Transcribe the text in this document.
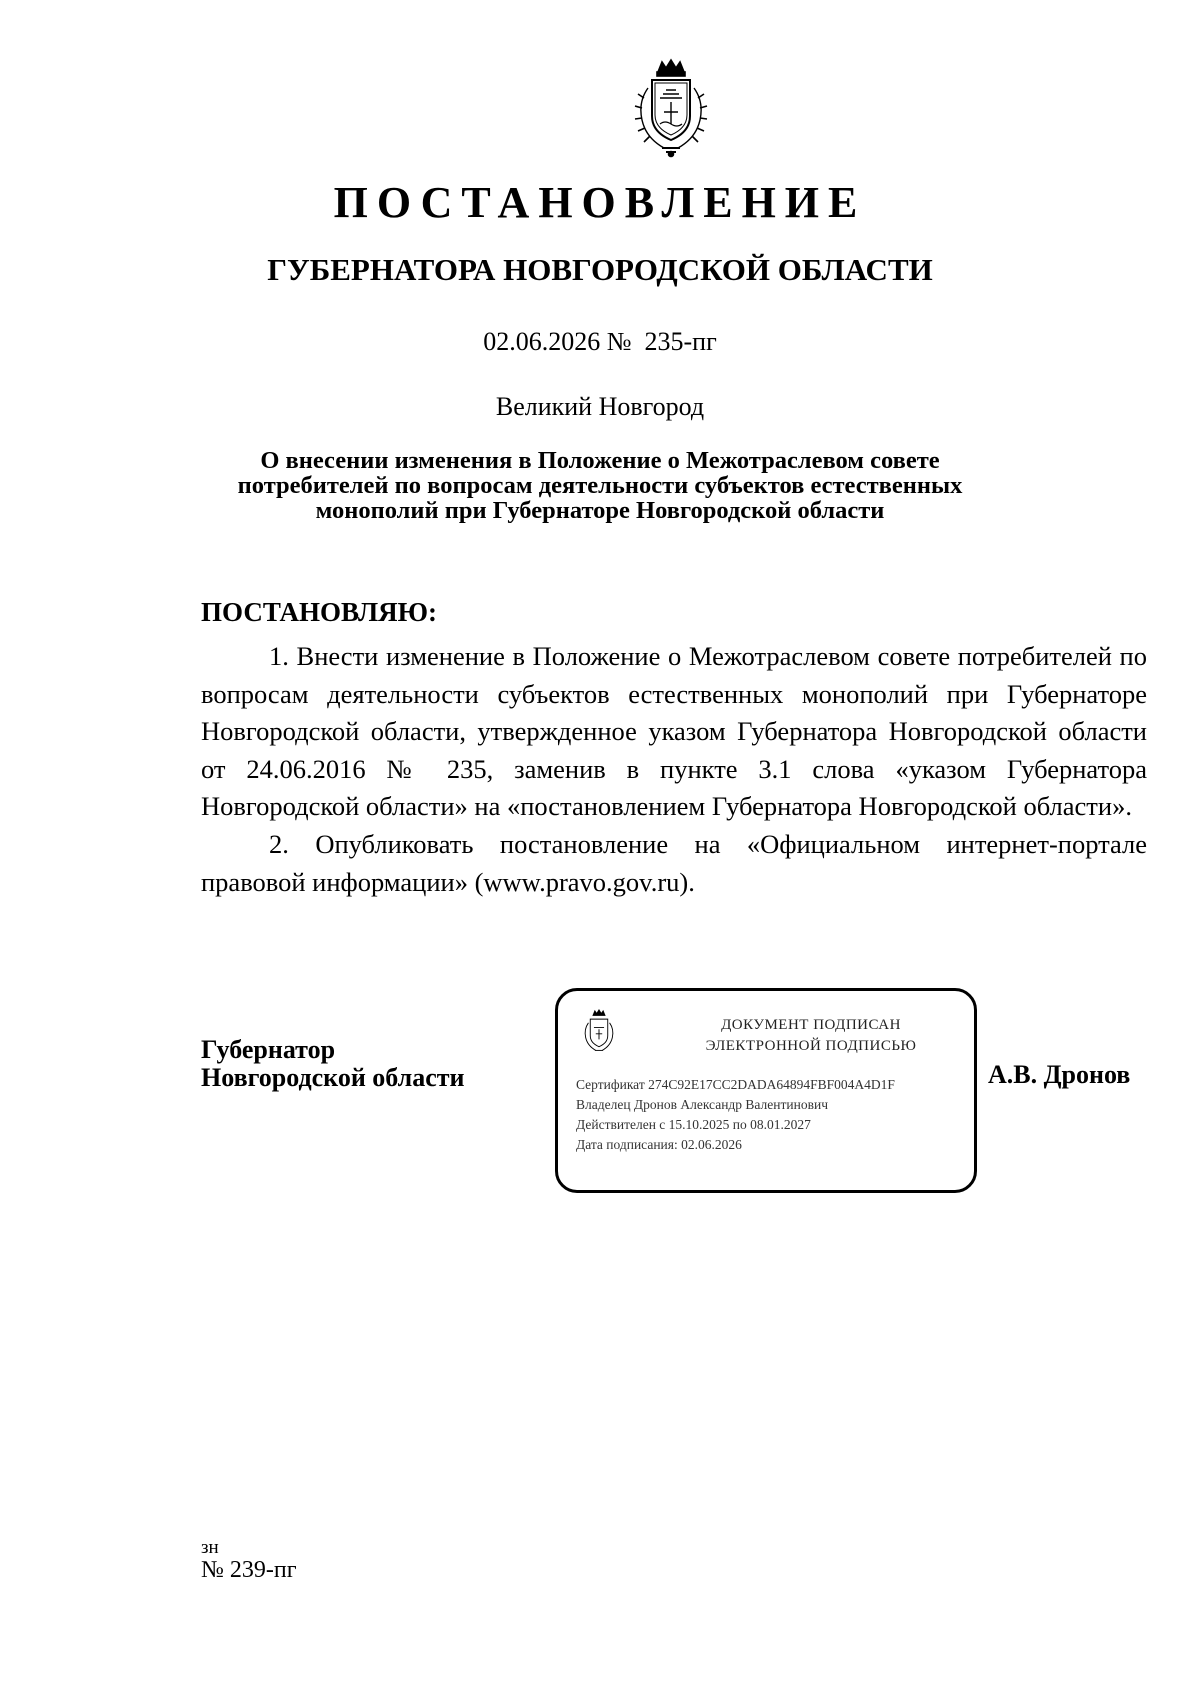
ПОСТАНОВЛЕНИЕ
ГУБЕРНАТОРА НОВГОРОДСКОЙ ОБЛАСТИ
02.06.2026 №  235-пг
Великий Новгород
О внесении изменения в Положение о Межотраслевом совете
потребителей по вопросам деятельности субъектов естественных
монополий при Губернаторе Новгородской области
ПОСТАНОВЛЯЮ:

1. Внести изменение в Положение о Межотраслевом совете потребителей по вопросам деятельности субъектов естественных монополий при Губернаторе Новгородской области, утвержденное указом Губернатора Новгородской области от 24.06.2016 № 235, заменив в пункте 3.1 слова «указом Губернатора Новгородской области» на «постановлением Губернатора Новгородской области».

2. Опубликовать постановление на «Официальном интернет-портале правовой информации» (www.pravo.gov.ru).

Губернатор
Новгородской области
ДОКУМЕНТ ПОДПИСАН
ЭЛЕКТРОННОЙ ПОДПИСЬЮ
Сертификат 274C92E17CC2DADA64894FBF004A4D1F
Владелец Дронов Александр Валентинович
Действителен с 15.10.2025 по 08.01.2027
Дата подписания: 02.06.2026
А.В. Дронов
зн
№ 239-пг
